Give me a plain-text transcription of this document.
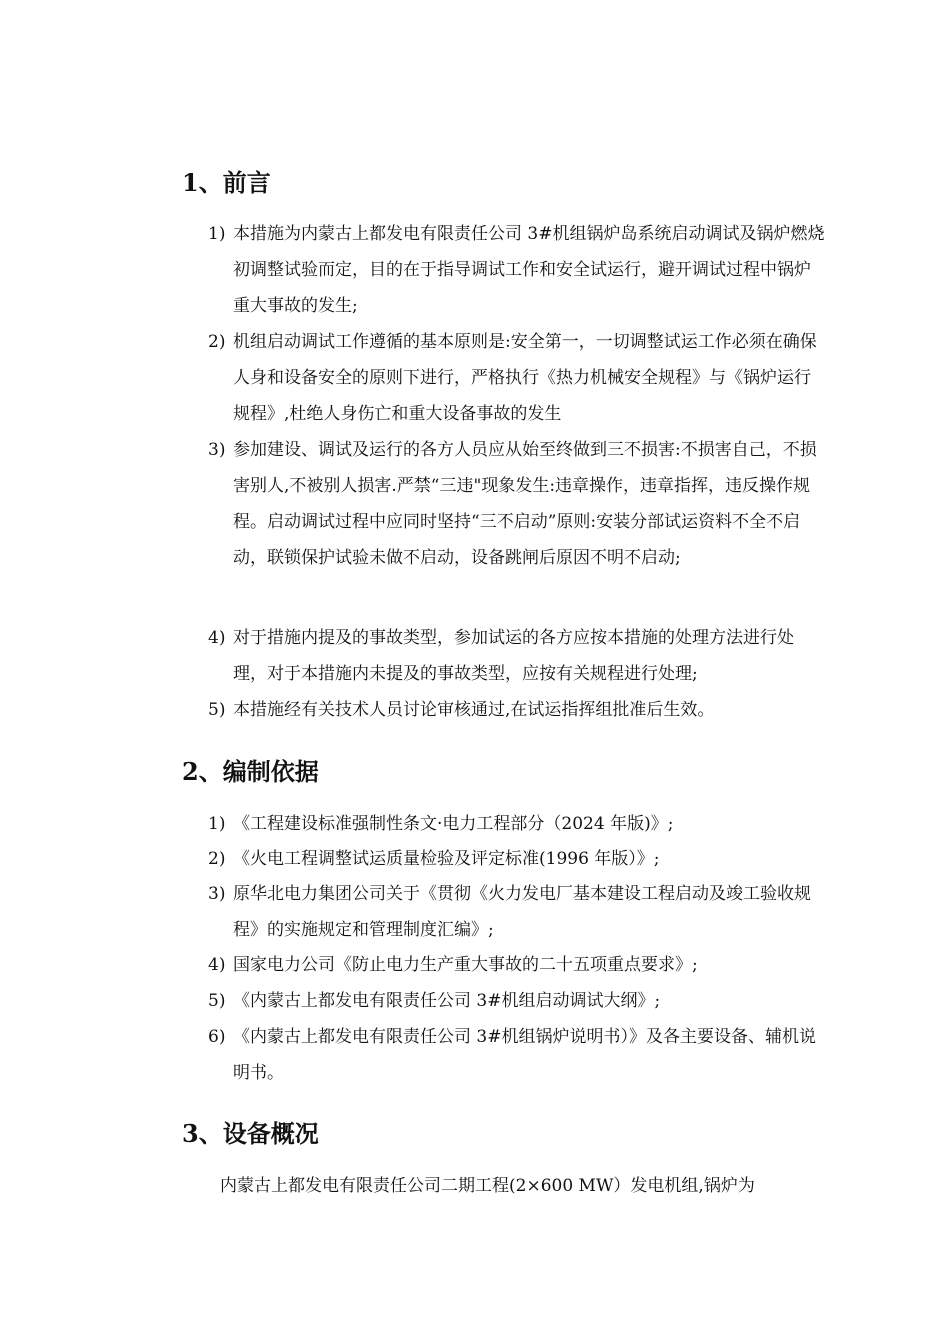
1、前言
1) 本措施为内蒙古上都发电有限责任公司 3#机组锅炉岛系统启动调试及锅炉燃烧初调整试验而定，目的在于指导调试工作和安全试运行，避开调试过程中锅炉重大事故的发生;
2) 机组启动调试工作遵循的基本原则是:安全第一，一切调整试运工作必须在确保人身和设备安全的原则下进行，严格执行《热力机械安全规程》与《锅炉运行规程》,杜绝人身伤亡和重大设备事故的发生
3) 参加建设、调试及运行的各方人员应从始至终做到三不损害:不损害自己，不损害别人,不被别人损害.严禁“三违"现象发生:违章操作，违章指挥，违反操作规程。启动调试过程中应同时坚持“三不启动”原则:安装分部试运资料不全不启动，联锁保护试验未做不启动，设备跳闸后原因不明不启动;
4) 对于措施内提及的事故类型，参加试运的各方应按本措施的处理方法进行处理，对于本措施内未提及的事故类型，应按有关规程进行处理;
5) 本措施经有关技术人员讨论审核通过,在试运指挥组批准后生效。
2、编制依据
1) 《工程建设标准强制性条文·电力工程部分（2024 年版)》;
2) 《火电工程调整试运质量检验及评定标准(1996 年版）》;
3) 原华北电力集团公司关于《贯彻《火力发电厂基本建设工程启动及竣工验收规程》的实施规定和管理制度汇编》;
4) 国家电力公司《防止电力生产重大事故的二十五项重点要求》;
5) 《内蒙古上都发电有限责任公司 3#机组启动调试大纲》;
6) 《内蒙古上都发电有限责任公司 3#机组锅炉说明书）》及各主要设备、辅机说明书。
3、设备概况

内蒙古上都发电有限责任公司二期工程(2×600 MW）发电机组,锅炉为
